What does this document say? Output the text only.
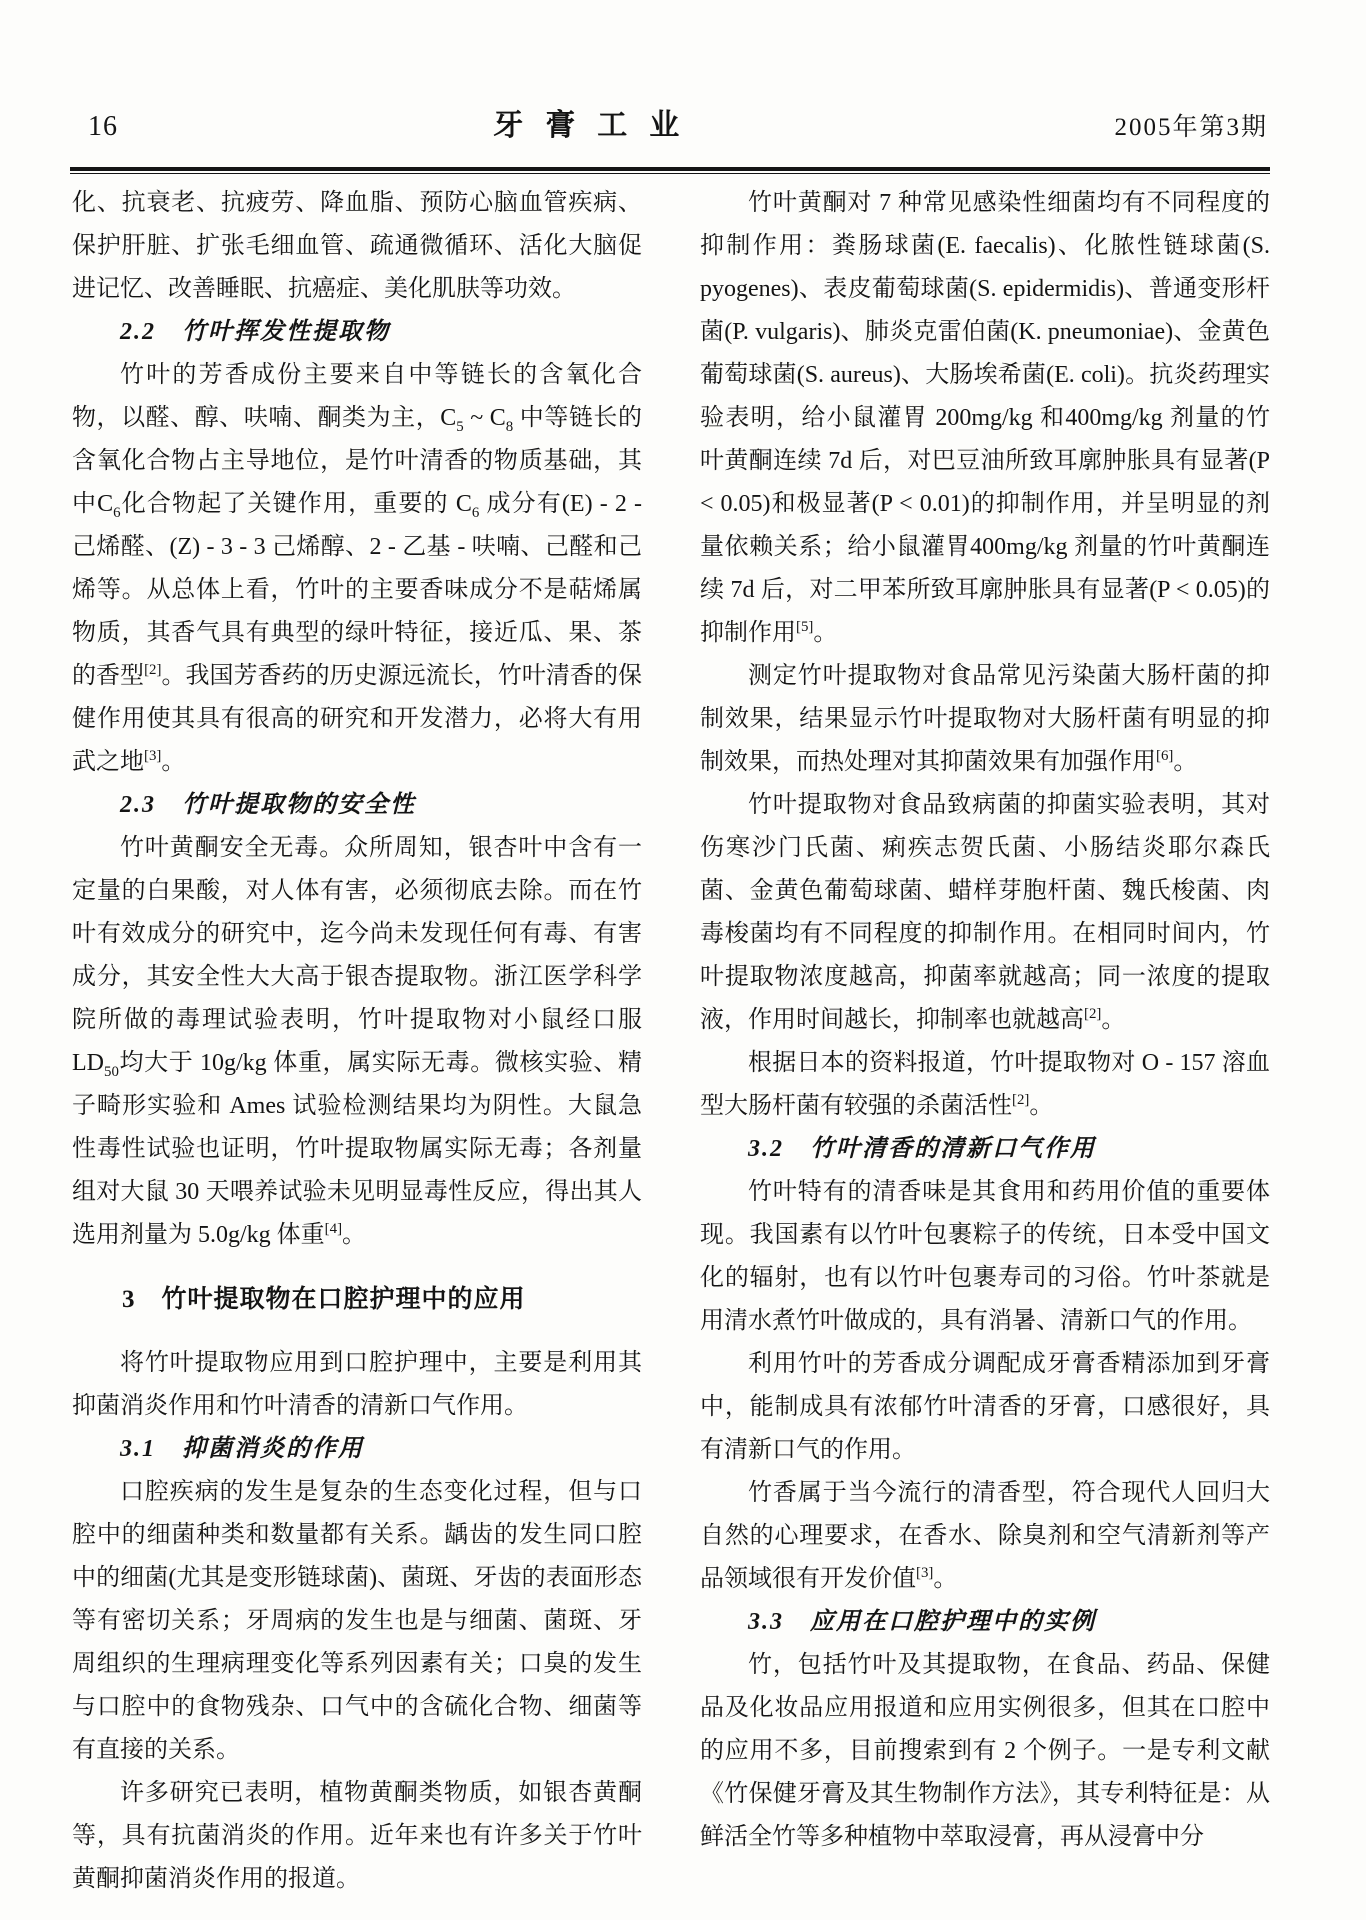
16	牙膏工业	2005年第3期
化、抗衰老、抗疲劳、降血脂、预防心脑血管疾病、保护肝脏、扩张毛细血管、疏通微循环、活化大脑促进记忆、改善睡眠、抗癌症、美化肌肤等功效。
2.2　竹叶挥发性提取物
竹叶的芳香成份主要来自中等链长的含氧化合物，以醛、醇、呋喃、酮类为主，$C_5$ ~ $C_8$ 中等链长的含氧化合物占主导地位，是竹叶清香的物质基础，其中$C_6$化合物起了关键作用，重要的 $C_6$ 成分有(E) - 2 - 己烯醛、(Z) - 3 - 3 己烯醇、2 - 乙基 - 呋喃、己醛和己烯等。从总体上看，竹叶的主要香味成分不是萜烯属物质，其香气具有典型的绿叶特征，接近瓜、果、茶的香型[2]。我国芳香药的历史源远流长，竹叶清香的保健作用使其具有很高的研究和开发潜力，必将大有用武之地[3]。
2.3　竹叶提取物的安全性
竹叶黄酮安全无毒。众所周知，银杏叶中含有一定量的白果酸，对人体有害，必须彻底去除。而在竹叶有效成分的研究中，迄今尚未发现任何有毒、有害成分，其安全性大大高于银杏提取物。浙江医学科学院所做的毒理试验表明，竹叶提取物对小鼠经口服 $LD_{50}$均大于 10g/kg 体重，属实际无毒。微核实验、精子畸形实验和 Ames 试验检测结果均为阴性。大鼠急性毒性试验也证明，竹叶提取物属实际无毒；各剂量组对大鼠 30 天喂养试验未见明显毒性反应，得出其人选用剂量为 5.0g/kg 体重[4]。
3　竹叶提取物在口腔护理中的应用
将竹叶提取物应用到口腔护理中，主要是利用其抑菌消炎作用和竹叶清香的清新口气作用。
3.1　抑菌消炎的作用
口腔疾病的发生是复杂的生态变化过程，但与口腔中的细菌种类和数量都有关系。龋齿的发生同口腔中的细菌(尤其是变形链球菌)、菌斑、牙齿的表面形态等有密切关系；牙周病的发生也是与细菌、菌斑、牙周组织的生理病理变化等系列因素有关；口臭的发生与口腔中的食物残杂、口气中的含硫化合物、细菌等有直接的关系。
许多研究已表明，植物黄酮类物质，如银杏黄酮等，具有抗菌消炎的作用。近年来也有许多关于竹叶黄酮抑菌消炎作用的报道。
竹叶黄酮对 7 种常见感染性细菌均有不同程度的抑制作用：粪肠球菌(E. faecalis)、化脓性链球菌(S. pyogenes)、表皮葡萄球菌(S. epidermidis)、普通变形杆菌(P. vulgaris)、肺炎克雷伯菌(K. pneumoniae)、金黄色葡萄球菌(S. aureus)、大肠埃希菌(E. coli)。抗炎药理实验表明，给小鼠灌胃 200mg/kg 和400mg/kg 剂量的竹叶黄酮连续 7d 后，对巴豆油所致耳廓肿胀具有显著(P < 0.05)和极显著(P < 0.01)的抑制作用，并呈明显的剂量依赖关系；给小鼠灌胃400mg/kg 剂量的竹叶黄酮连续 7d 后，对二甲苯所致耳廓肿胀具有显著(P < 0.05)的抑制作用[5]。
测定竹叶提取物对食品常见污染菌大肠杆菌的抑制效果，结果显示竹叶提取物对大肠杆菌有明显的抑制效果，而热处理对其抑菌效果有加强作用[6]。
竹叶提取物对食品致病菌的抑菌实验表明，其对伤寒沙门氏菌、痢疾志贺氏菌、小肠结炎耶尔森氏菌、金黄色葡萄球菌、蜡样芽胞杆菌、魏氏梭菌、肉毒梭菌均有不同程度的抑制作用。在相同时间内，竹叶提取物浓度越高，抑菌率就越高；同一浓度的提取液，作用时间越长，抑制率也就越高[2]。
根据日本的资料报道，竹叶提取物对 O - 157 溶血型大肠杆菌有较强的杀菌活性[2]。
3.2　竹叶清香的清新口气作用
竹叶特有的清香味是其食用和药用价值的重要体现。我国素有以竹叶包裹粽子的传统，日本受中国文化的辐射，也有以竹叶包裹寿司的习俗。竹叶茶就是用清水煮竹叶做成的，具有消暑、清新口气的作用。
利用竹叶的芳香成分调配成牙膏香精添加到牙膏中，能制成具有浓郁竹叶清香的牙膏，口感很好，具有清新口气的作用。
竹香属于当今流行的清香型，符合现代人回归大自然的心理要求，在香水、除臭剂和空气清新剂等产品领域很有开发价值[3]。
3.3　应用在口腔护理中的实例
竹，包括竹叶及其提取物，在食品、药品、保健品及化妆品应用报道和应用实例很多，但其在口腔中的应用不多，目前搜索到有 2 个例子。一是专利文献《竹保健牙膏及其生物制作方法》，其专利特征是：从鲜活全竹等多种植物中萃取浸膏，再从浸膏中分
